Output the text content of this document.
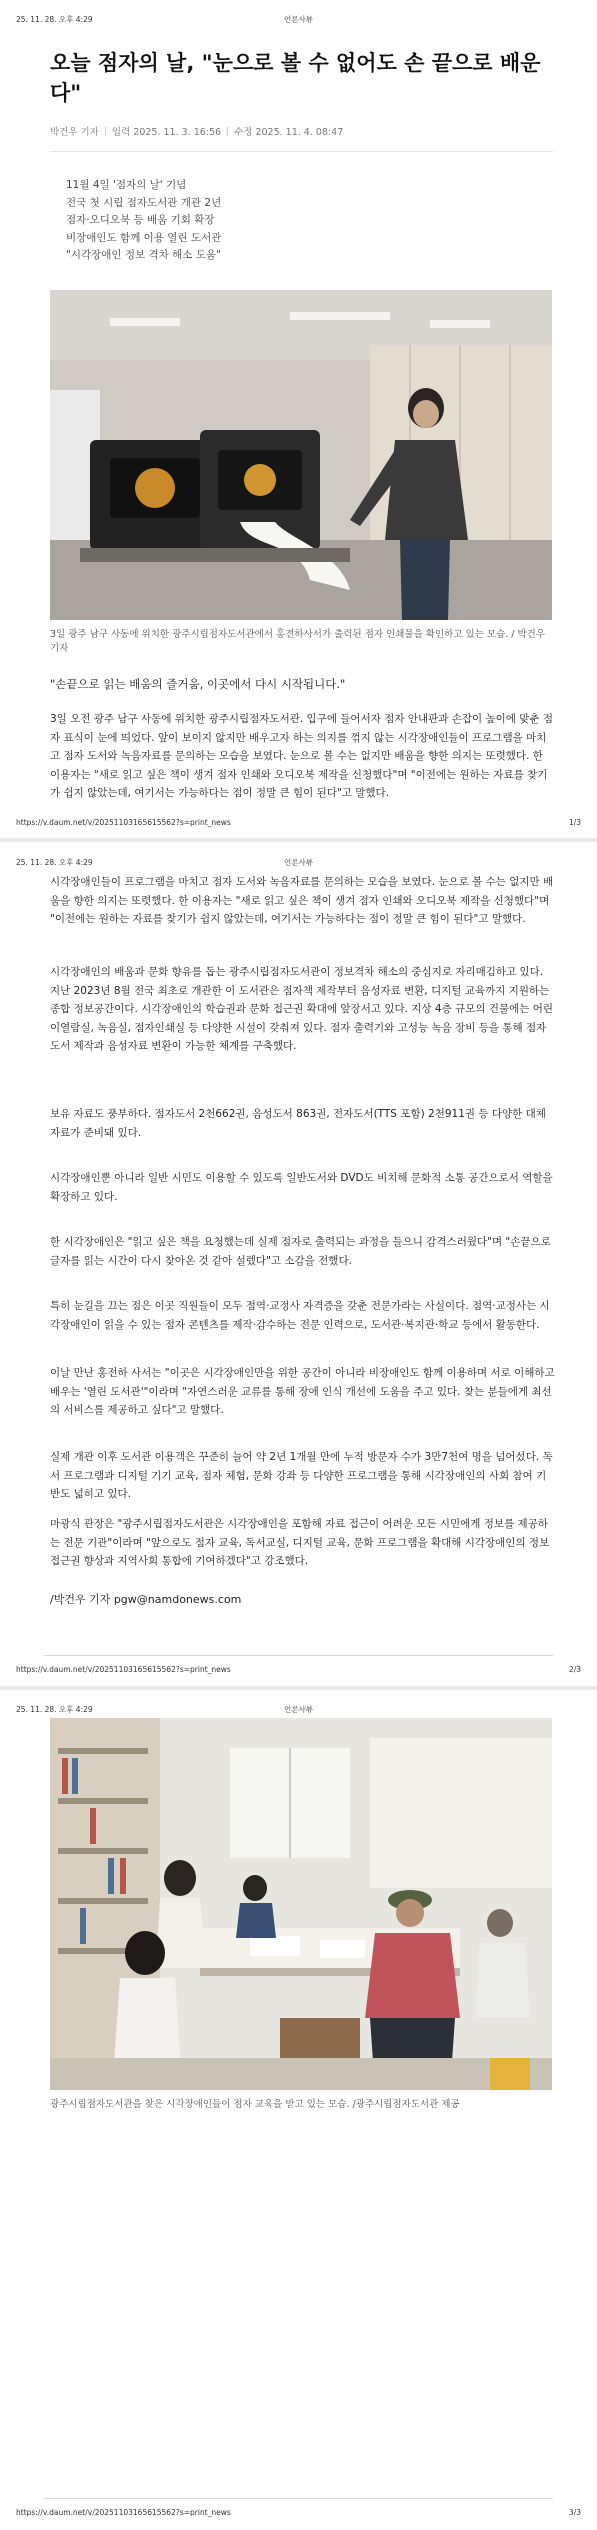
25. 11. 28. 오후 4:29	언론사뷰
오늘 점자의 날, "눈으로 볼 수 없어도 손 끝으로 배운다"
박건우 기자 입력 2025. 11. 3. 16:56 수정 2025. 11. 4. 08:47
11월 4일 '점자의 날' 기념
전국 첫 시립 점자도서관 개관 2년
점자·오디오북 등 배움 기회 확장
비장애인도 함께 이용 열린 도서관
"시각장애인 정보 격차 해소 도움"

3일 광주 남구 사동에 위치한 광주시립점자도서관에서 홍전하사서가 출력된 점자 인쇄물을 확인하고 있는 모습. / 박건우 기자

"손끝으로 읽는 배움의 즐거움, 이곳에서 다시 시작됩니다."

3일 오전 광주 남구 사동에 위치한 광주시립점자도서관. 입구에 들어서자 점자 안내판과 손잡이 높이에 맞춘 점자 표식이 눈에 띄었다. 앞이 보이지 않지만 배우고자 하는 의지를 꺾지 않는 시각장애인들이 프로그램을 마치고 점자 도서와 녹음자료를 문의하는 모습을 보였다. 눈으로 볼 수는 없지만 배움을 향한 의지는 또렷했다. 한 이용자는 "새로 읽고 싶은 책이 생겨 점자 인쇄와 오디오북 제작을 신청했다"며 "이전에는 원하는 자료를 찾기가 쉽지 않았는데, 여기서는 가능하다는 점이 정말 큰 힘이 된다"고 말했다.

https://v.daum.net/v/20251103165615562?s=print_news	1/3
25. 11. 28. 오후 4:29	언론사뷰

시각장애인들이 프로그램을 마치고 점자 도서와 녹음자료를 문의하는 모습을 보였다. 눈으로 볼 수는 없지만 배움을 향한 의지는 또렷했다. 한 이용자는 "새로 읽고 싶은 책이 생겨 점자 인쇄와 오디오북 제작을 신청했다"며 "이전에는 원하는 자료를 찾기가 쉽지 않았는데, 여기서는 가능하다는 점이 정말 큰 힘이 된다"고 말했다.

시각장애인의 배움과 문화 향유를 돕는 광주시립점자도서관이 정보격차 해소의 중심지로 자리매김하고 있다. 지난 2023년 8월 전국 최초로 개관한 이 도서관은 점자책 제작부터 음성자료 변환, 디지털 교육까지 지원하는 종합 정보공간이다. 시각장애인의 학습권과 문화 접근권 확대에 앞장서고 있다. 지상 4층 규모의 건물에는 어린이열람실, 녹음실, 점자인쇄실 등 다양한 시설이 갖춰져 있다. 점자 출력기와 고성능 녹음 장비 등을 통해 점자 도서 제작과 음성자료 변환이 가능한 체계를 구축했다.

보유 자료도 풍부하다. 점자도서 2천662권, 음성도서 863권, 전자도서(TTS 포함) 2천911권 등 다양한 대체자료가 준비돼 있다.

시각장애인뿐 아니라 일반 시민도 이용할 수 있도록 일반도서와 DVD도 비치해 문화적 소통 공간으로서 역할을 확장하고 있다.

한 시각장애인은 "읽고 싶은 책을 요청했는데 실제 점자로 출력되는 과정을 들으니 감격스러웠다"며 "손끝으로 글자를 읽는 시간이 다시 찾아온 것 같아 설렜다"고 소감을 전했다.

특히 눈길을 끄는 점은 이곳 직원들이 모두 점역·교정사 자격증을 갖춘 전문가라는 사실이다. 점역·교정사는 시각장애인이 읽을 수 있는 점자 콘텐츠를 제작·감수하는 전문 인력으로, 도서관·복지관·학교 등에서 활동한다.

이날 만난 홍전하 사서는 "이곳은 시각장애인만을 위한 공간이 아니라 비장애인도 함께 이용하며 서로 이해하고 배우는 '열린 도서관'"이라며 "자연스러운 교류를 통해 장애 인식 개선에 도움을 주고 있다. 찾는 분들에게 최선의 서비스를 제공하고 싶다"고 말했다.

실제 개관 이후 도서관 이용객은 꾸준히 늘어 약 2년 1개월 만에 누적 방문자 수가 3만7천여 명을 넘어섰다. 독서 프로그램과 디지털 기기 교육, 점자 체험, 문화 강좌 등 다양한 프로그램을 통해 시각장애인의 사회 참여 기반도 넓히고 있다.

마광식 관장은 "광주시립점자도서관은 시각장애인을 포함해 자료 접근이 어려운 모든 시민에게 정보를 제공하는 전문 기관"이라며 "앞으로도 점자 교육, 독서교실, 디지털 교육, 문화 프로그램을 확대해 시각장애인의 정보 접근권 향상과 지역사회 통합에 기여하겠다"고 강조했다.

/박건우 기자 pgw@namdonews.com
https://v.daum.net/v/20251103165615562?s=print_news	2/3
25. 11. 28. 오후 4:29	언론사뷰

광주시립점자도서관을 찾은 시각장애인들이 점자 교육을 받고 있는 모습. /광주시립점자도서관 제공

https://v.daum.net/v/20251103165615562?s=print_news	3/3
